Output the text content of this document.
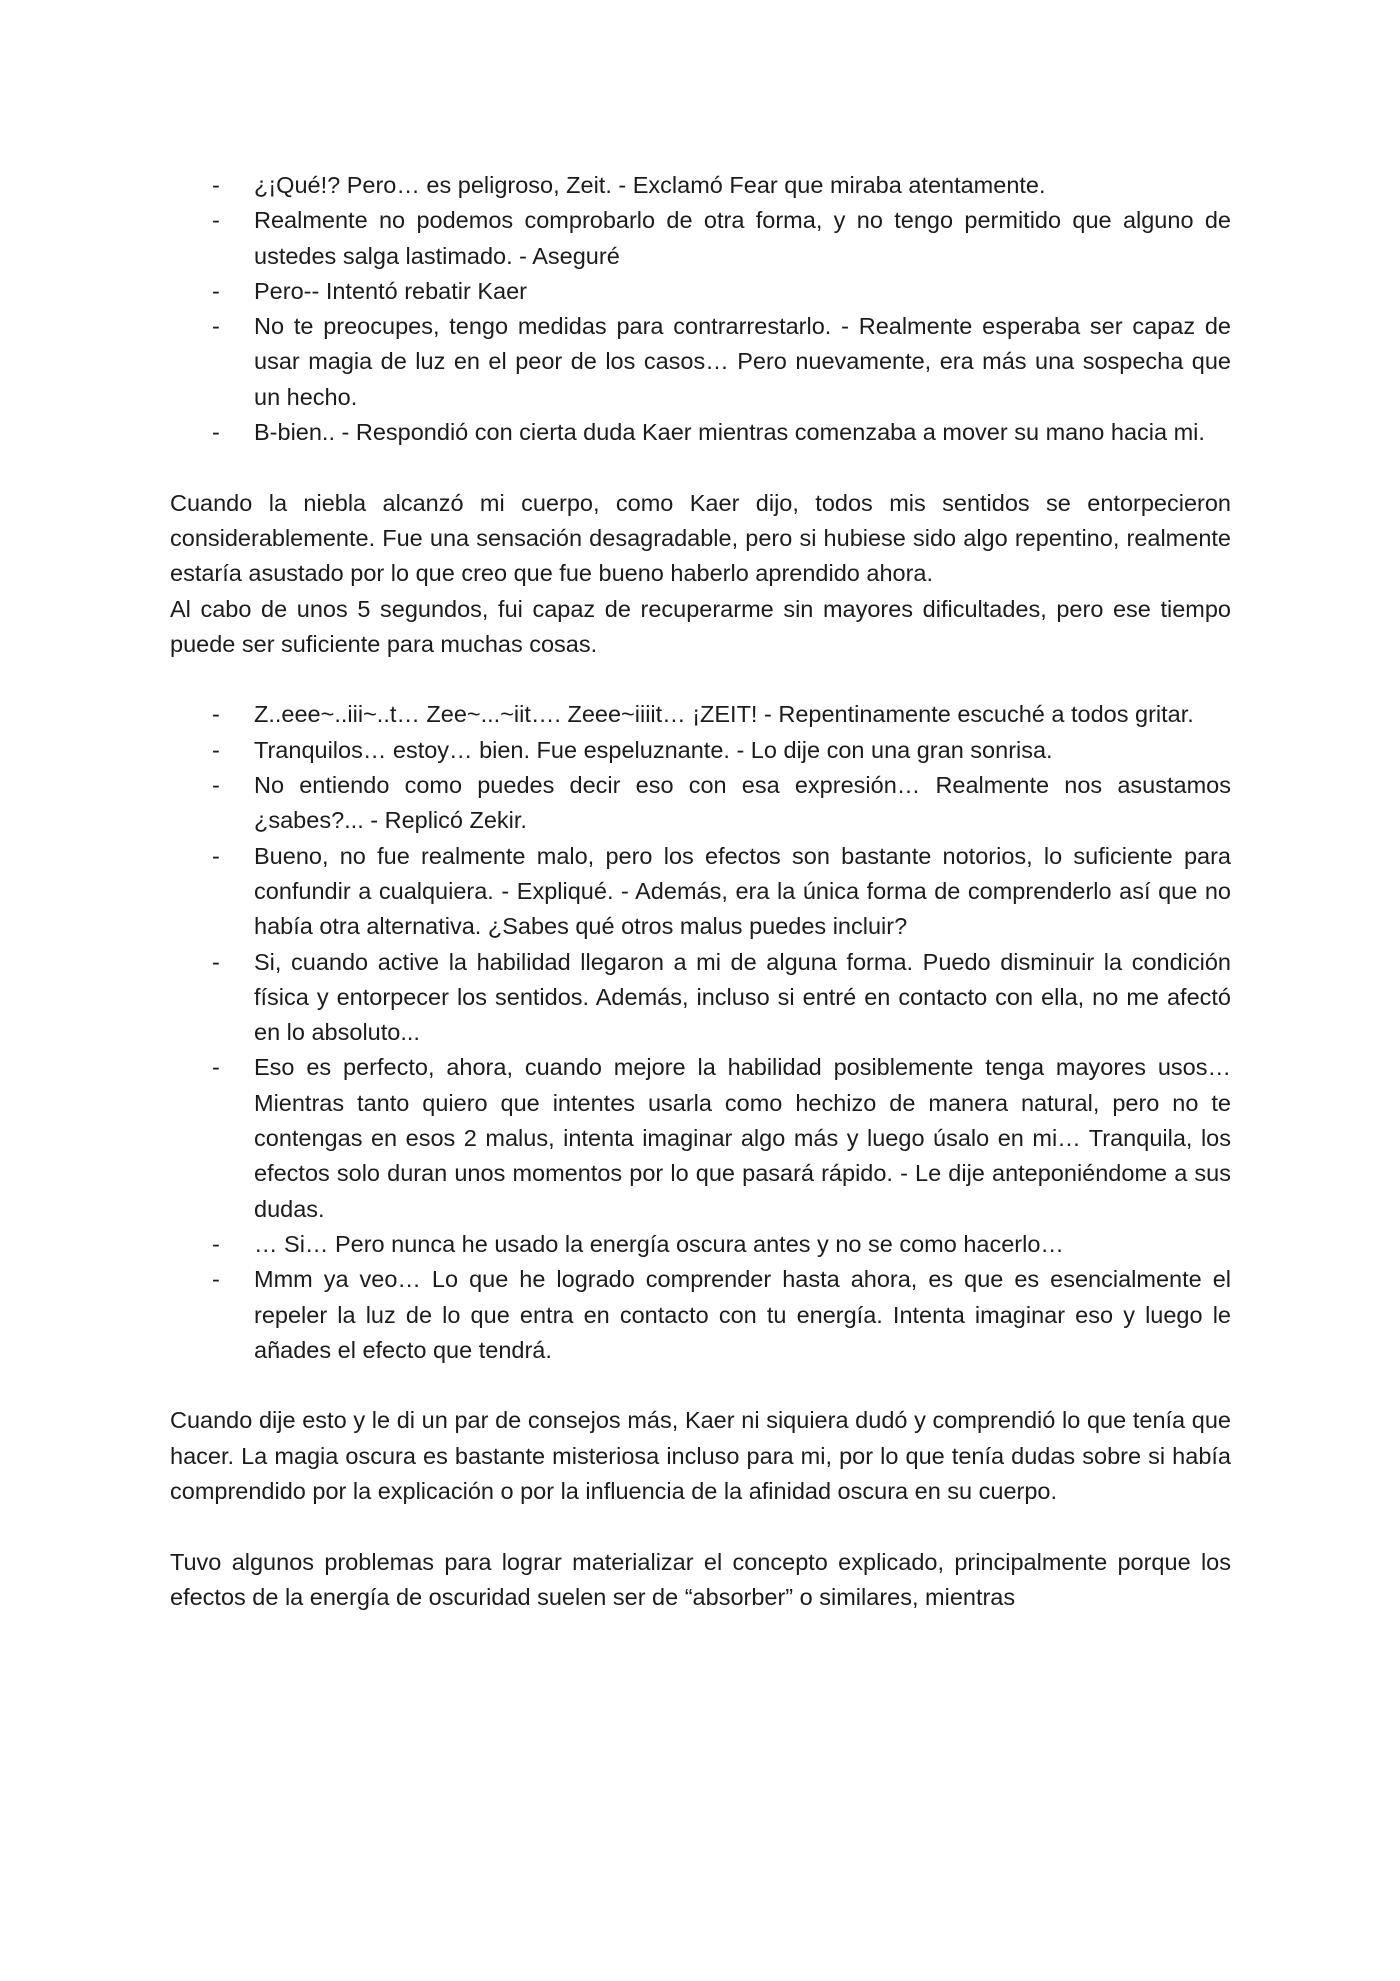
- ¿¡Qué!? Pero… es peligroso, Zeit. - Exclamó Fear que miraba atentamente.
- Realmente no podemos comprobarlo de otra forma, y no tengo permitido que alguno de ustedes salga lastimado. - Aseguré
- Pero-- Intentó rebatir Kaer
- No te preocupes, tengo medidas para contrarrestarlo. - Realmente esperaba ser capaz de usar magia de luz en el peor de los casos… Pero nuevamente, era más una sospecha que un hecho.
- B-bien.. - Respondió con cierta duda Kaer mientras comenzaba a mover su mano hacia mi.

Cuando la niebla alcanzó mi cuerpo, como Kaer dijo, todos mis sentidos se entorpecieron considerablemente. Fue una sensación desagradable, pero si hubiese sido algo repentino, realmente estaría asustado por lo que creo que fue bueno haberlo aprendido ahora.

Al cabo de unos 5 segundos, fui capaz de recuperarme sin mayores dificultades, pero ese tiempo puede ser suficiente para muchas cosas.

- Z..eee~..iii~..t… Zee~...~iit…. Zeee~iiiit… ¡ZEIT! - Repentinamente escuché a todos gritar.
- Tranquilos… estoy… bien. Fue espeluznante. - Lo dije con una gran sonrisa.
- No entiendo como puedes decir eso con esa expresión… Realmente nos asustamos ¿sabes?... - Replicó Zekir.
- Bueno, no fue realmente malo, pero los efectos son bastante notorios, lo suficiente para confundir a cualquiera. - Expliqué. - Además, era la única forma de comprenderlo así que no había otra alternativa. ¿Sabes qué otros malus puedes incluir?
- Si, cuando active la habilidad llegaron a mi de alguna forma. Puedo disminuir la condición física y entorpecer los sentidos. Además, incluso si entré en contacto con ella, no me afectó en lo absoluto...
- Eso es perfecto, ahora, cuando mejore la habilidad posiblemente tenga mayores usos… Mientras tanto quiero que intentes usarla como hechizo de manera natural, pero no te contengas en esos 2 malus, intenta imaginar algo más y luego úsalo en mi… Tranquila, los efectos solo duran unos momentos por lo que pasará rápido. - Le dije anteponiéndome a sus dudas.
- … Si… Pero nunca he usado la energía oscura antes y no se como hacerlo…
- Mmm ya veo… Lo que he logrado comprender hasta ahora, es que es esencialmente el repeler la luz de lo que entra en contacto con tu energía. Intenta imaginar eso y luego le añades el efecto que tendrá.

Cuando dije esto y le di un par de consejos más, Kaer ni siquiera dudó y comprendió lo que tenía que hacer. La magia oscura es bastante misteriosa incluso para mi, por lo que tenía dudas sobre si había comprendido por la explicación o por la influencia de la afinidad oscura en su cuerpo.

Tuvo algunos problemas para lograr materializar el concepto explicado, principalmente porque los efectos de la energía de oscuridad suelen ser de “absorber” o similares, mientras
